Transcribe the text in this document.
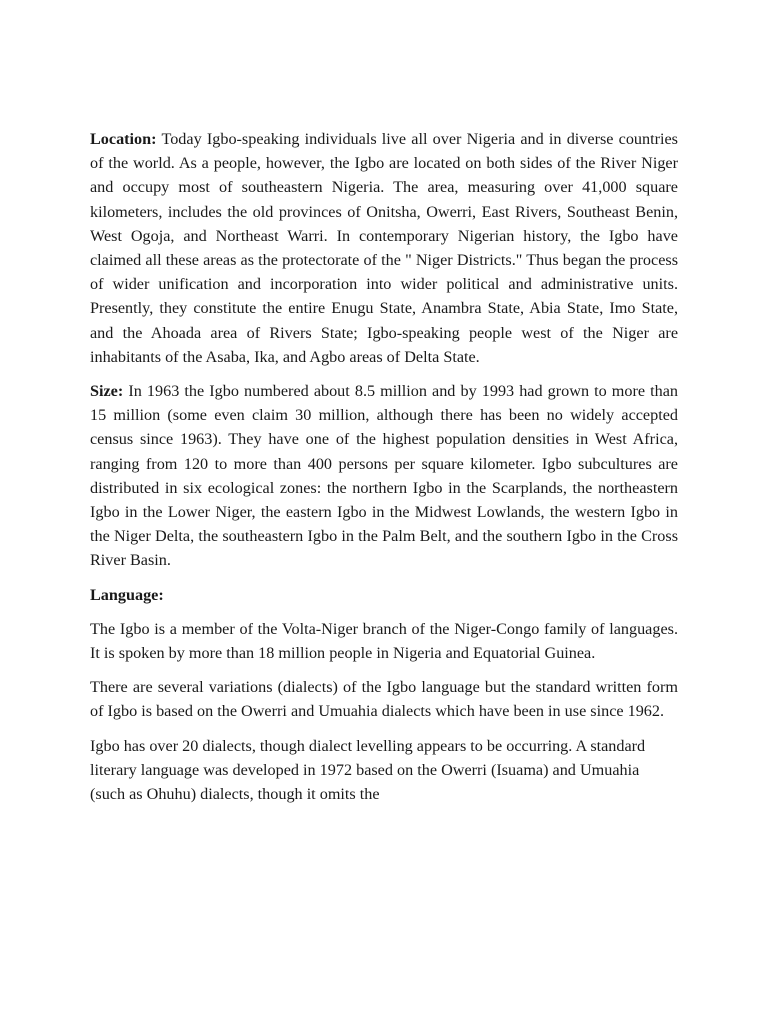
Location: Today Igbo-speaking individuals live all over Nigeria and in diverse countries of the world. As a people, however, the Igbo are located on both sides of the River Niger and occupy most of southeastern Nigeria. The area, measuring over 41,000 square kilometers, includes the old provinces of Onitsha, Owerri, East Rivers, Southeast Benin, West Ogoja, and Northeast Warri. In contemporary Nigerian history, the Igbo have claimed all these areas as the protectorate of the " Niger Districts." Thus began the process of wider unification and incorporation into wider political and administrative units. Presently, they constitute the entire Enugu State, Anambra State, Abia State, Imo State, and the Ahoada area of Rivers State; Igbo-speaking people west of the Niger are inhabitants of the Asaba, Ika, and Agbo areas of Delta State.

Size: In 1963 the Igbo numbered about 8.5 million and by 1993 had grown to more than 15 million (some even claim 30 million, although there has been no widely accepted census since 1963). They have one of the highest population densities in West Africa, ranging from 120 to more than 400 persons per square kilometer. Igbo subcultures are distributed in six ecological zones: the northern Igbo in the Scarplands, the northeastern Igbo in the Lower Niger, the eastern Igbo in the Midwest Lowlands, the western Igbo in the Niger Delta, the southeastern Igbo in the Palm Belt, and the southern Igbo in the Cross River Basin.

Language:

The Igbo is a member of the Volta-Niger branch of the Niger-Congo family of languages. It is spoken by more than 18 million people in Nigeria and Equatorial Guinea.

There are several variations (dialects) of the Igbo language but the standard written form of Igbo is based on the Owerri and Umuahia dialects which have been in use since 1962.

Igbo has over 20 dialects, though dialect levelling appears to be occurring. A standard literary language was developed in 1972 based on the Owerri (Isuama) and Umuahia (such as Ohuhu) dialects, though it omits the
